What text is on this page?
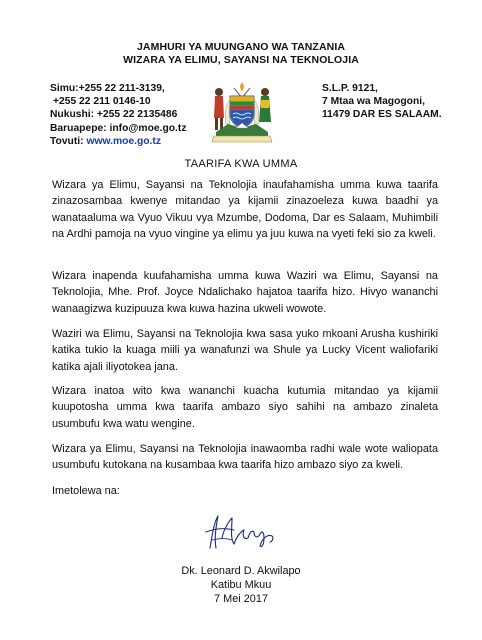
JAMHURI YA MUUNGANO WA TANZANIA
WIZARA YA ELIMU, SAYANSI NA TEKNOLOJIA
Simu:+255 22 211-3139,
+255 22 211 0146-10
Nukushi: +255 22 2135486
Baruapepe: info@moe.go.tz
Tovuti: www.moe.go.tz
S.L.P. 9121,
7 Mtaa wa Magogoni,
11479 DAR ES SALAAM.
TAARIFA KWA UMMA
Wizara ya Elimu, Sayansi na Teknolojia inaufahamisha umma kuwa taarifa zinazosambaa kwenye mitandao ya kijamii zinazoeleza kuwa baadhi ya wanataaluma wa Vyuo Vikuu vya Mzumbe, Dodoma, Dar es Salaam, Muhimbili na Ardhi pamoja na vyuo vingine ya elimu ya juu kuwa na vyeti feki sio za kweli.
Wizara inapenda kuufahamisha umma kuwa Waziri wa Elimu, Sayansi na Teknolojia, Mhe. Prof. Joyce Ndalichako hajatoa taarifa hizo. Hivyo wananchi wanaagizwa kuzipuuza kwa kuwa hazina ukweli wowote.
Waziri wa Elimu, Sayansi na Teknolojia kwa sasa yuko mkoani Arusha kushiriki katika tukio la kuaga miili ya wanafunzi wa Shule ya Lucky Vicent waliofariki katika ajali iliyotokea jana.
Wizara inatoa wito kwa wananchi kuacha kutumia mitandao ya kijamii kuupotosha umma kwa taarifa ambazo siyo sahihi na ambazo zinaleta usumbufu kwa watu wengine.
Wizara ya Elimu, Sayansi na Teknolojia inawaomba radhi wale wote waliopata usumbufu kutokana na kusambaa kwa taarifa hizo ambazo siyo za kweli.
Imetolewa na:
Dk. Leonard D. Akwilapo
Katibu Mkuu
7 Mei 2017
